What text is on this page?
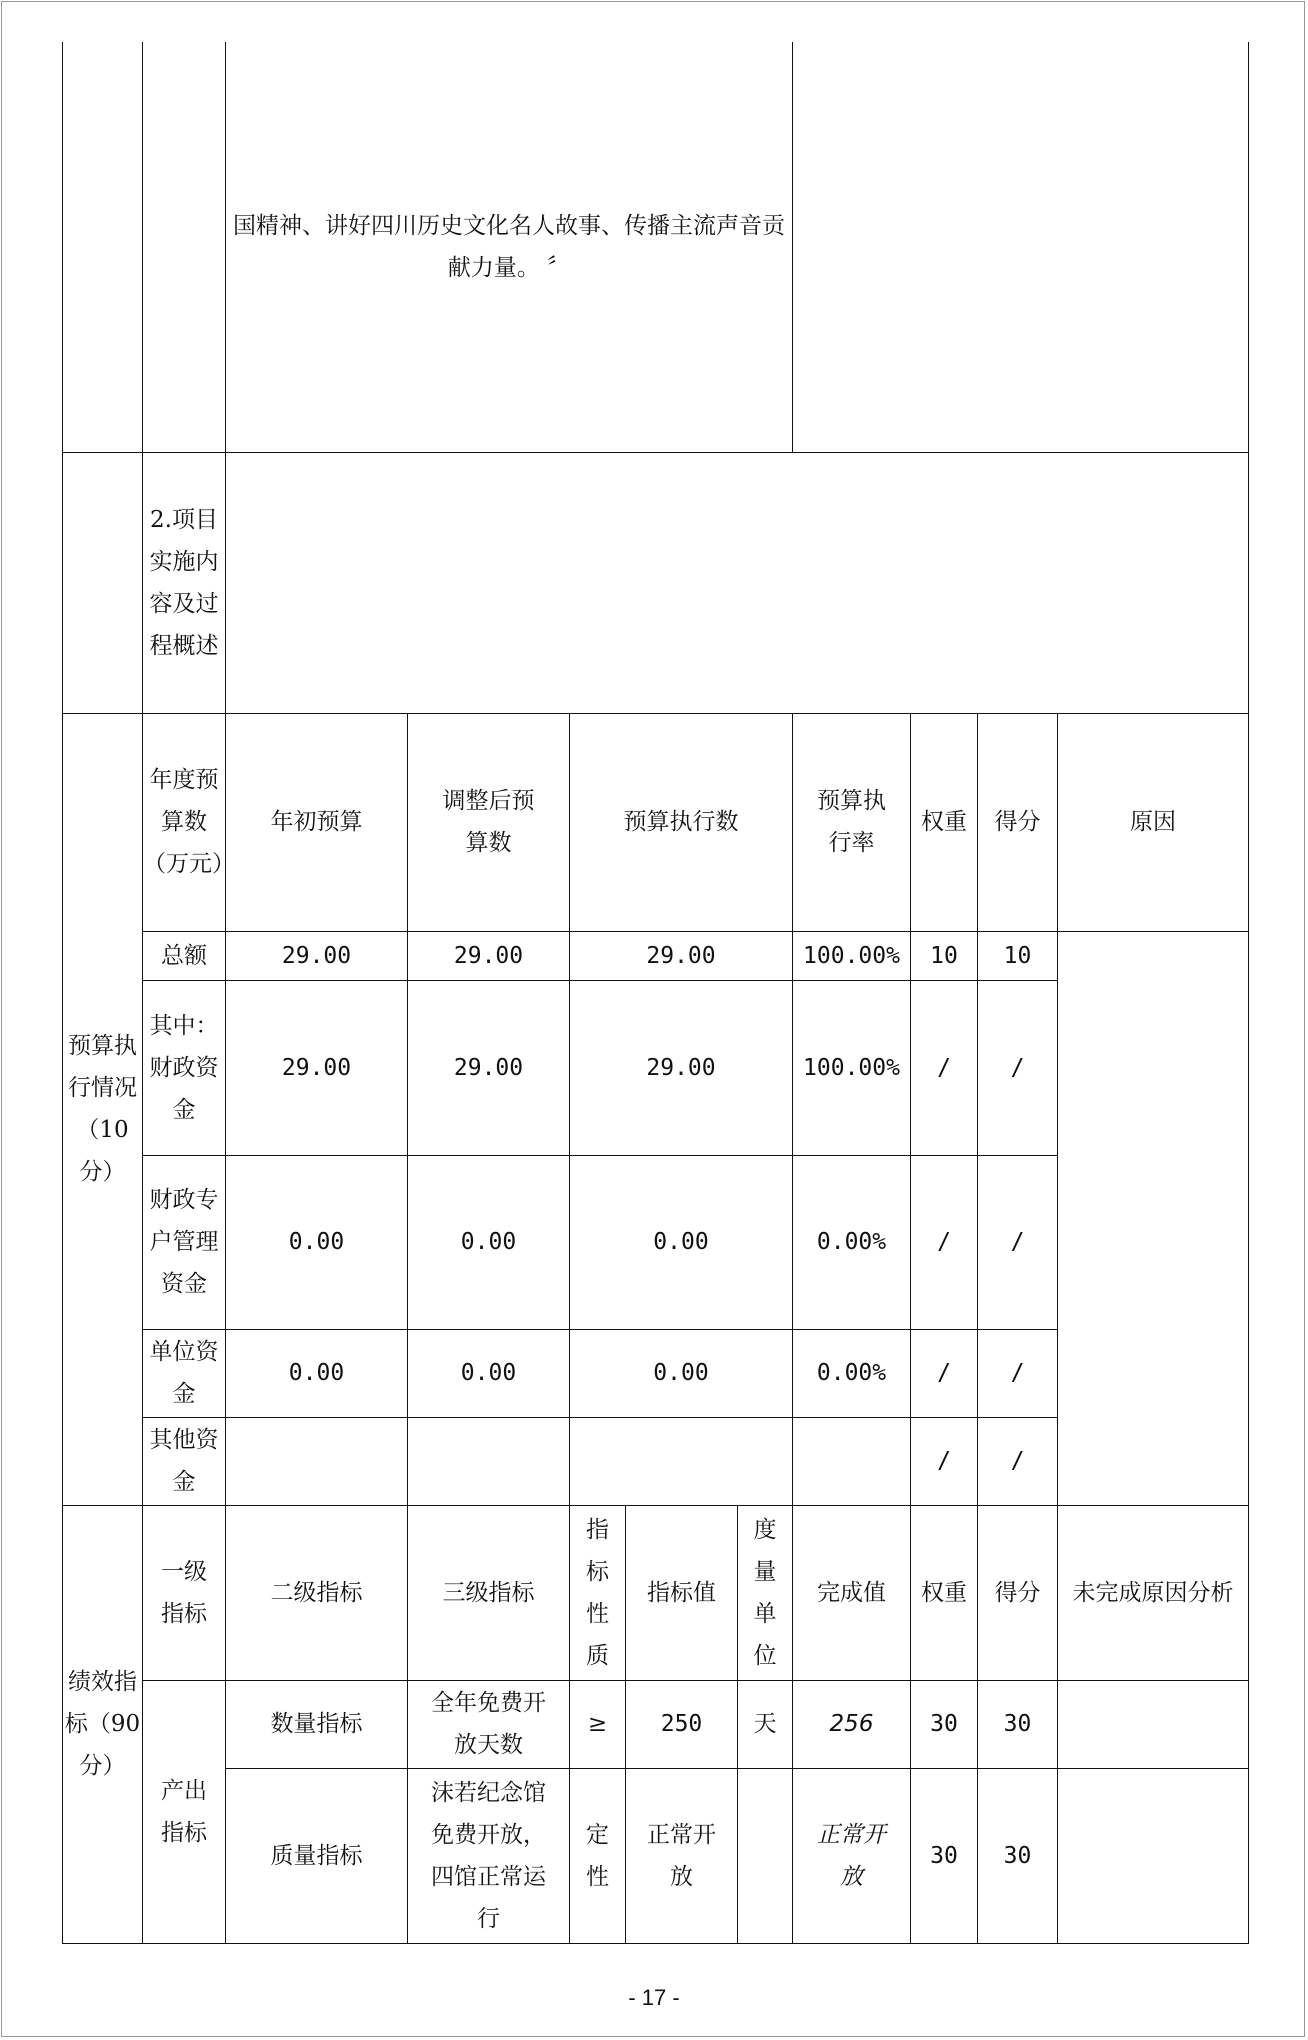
		国精神、讲好四川历史文化名人故事、传播主流声音贡献力量。 〞								
	2.项目实施内容及过程概述									
预算执行情况（10分）	年度预算数（万元）	年初预算	调整后预算数	预算执行数			预算执行率	权重	得分	原因
	总额	29.00	29.00	29.00			100.00%	10	10	
	其中：财政资金	29.00	29.00	29.00			100.00%	/	/	
	财政专户管理资金	0.00	0.00	0.00			0.00%	/	/	
	单位资金	0.00	0.00	0.00			0.00%	/	/	
	其他资金							/	/	
绩效指标（90分）	一级指标	二级指标	三级指标	指标性质	指标值	度量单位	完成值	权重	得分	未完成原因分析
	产出指标	数量指标	全年免费开放天数	≥	250	天	256	30	30	
		质量指标	沫若纪念馆免费开放，四馆正常运行	定性	正常开放		正常开放	30	30	
- 17 -
